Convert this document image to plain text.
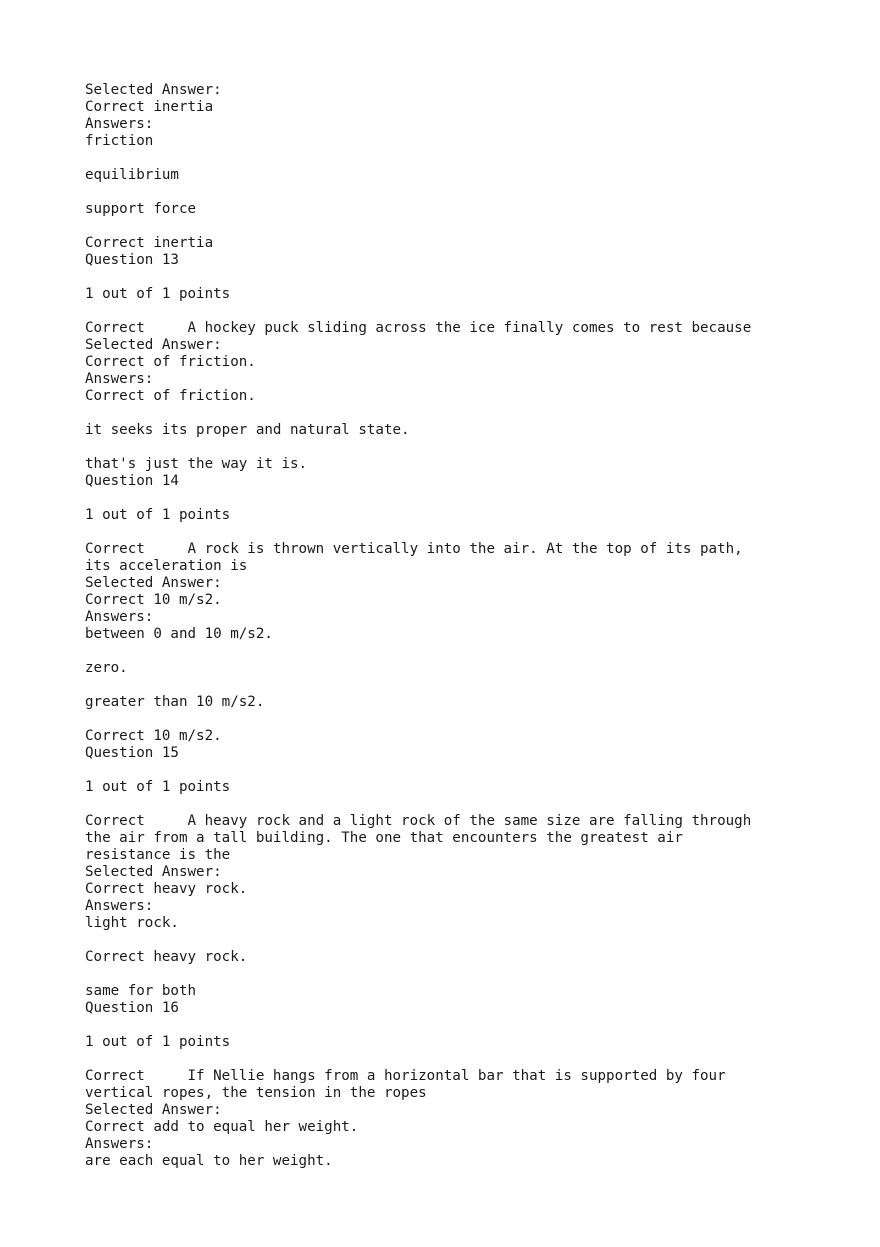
Selected Answer:
Correct inertia
Answers:
friction
equilibrium
support force
Correct inertia
Question 13
1 out of 1 points
Correct     A hockey puck sliding across the ice finally comes to rest because
Selected Answer:
Correct of friction.
Answers:
Correct of friction.
it seeks its proper and natural state.
that's just the way it is.
Question 14
1 out of 1 points
Correct     A rock is thrown vertically into the air. At the top of its path,
its acceleration is
Selected Answer:
Correct 10 m/s2.
Answers:
between 0 and 10 m/s2.
zero.
greater than 10 m/s2.
Correct 10 m/s2.
Question 15
1 out of 1 points
Correct     A heavy rock and a light rock of the same size are falling through
the air from a tall building. The one that encounters the greatest air
resistance is the
Selected Answer:
Correct heavy rock.
Answers:
light rock.
Correct heavy rock.
same for both
Question 16
1 out of 1 points
Correct     If Nellie hangs from a horizontal bar that is supported by four
vertical ropes, the tension in the ropes
Selected Answer:
Correct add to equal her weight.
Answers:
are each equal to her weight.
